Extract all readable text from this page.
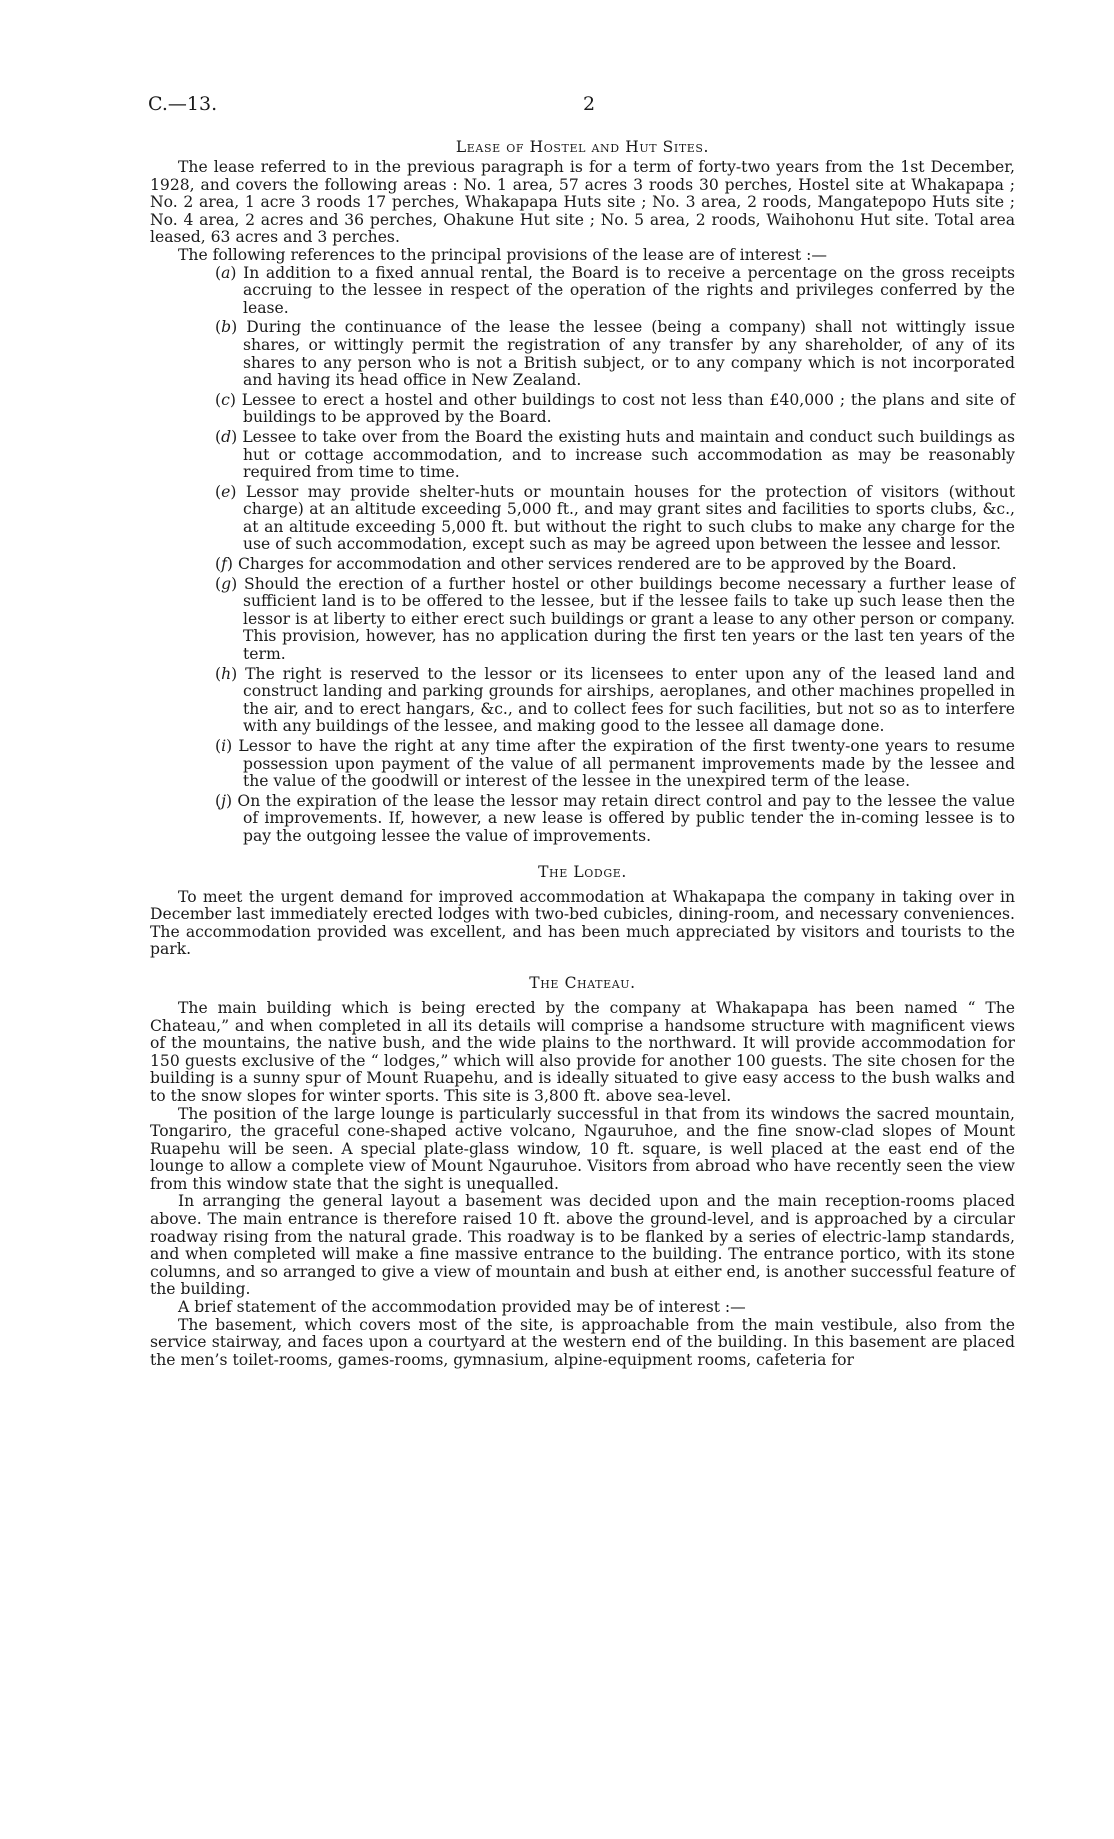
C.—13.	2
Lease of Hostel and Hut Sites.

The lease referred to in the previous paragraph is for a term of forty-two years from the 1st December, 1928, and covers the following areas : No. 1 area, 57 acres 3 roods 30 perches, Hostel site at Whakapapa ; No. 2 area, 1 acre 3 roods 17 perches, Whakapapa Huts site ; No. 3 area, 2 roods, Mangatepopo Huts site ; No. 4 area, 2 acres and 36 perches, Ohakune Hut site ; No. 5 area, 2 roods, Waihohonu Hut site. Total area leased, 63 acres and 3 perches.

The following references to the principal provisions of the lease are of interest :—

(a) In addition to a fixed annual rental, the Board is to receive a percentage on the gross receipts accruing to the lessee in respect of the operation of the rights and privileges conferred by the lease.
(b) During the continuance of the lease the lessee (being a company) shall not wittingly issue shares, or wittingly permit the registration of any transfer by any shareholder, of any of its shares to any person who is not a British subject, or to any company which is not incorporated and having its head office in New Zealand.
(c) Lessee to erect a hostel and other buildings to cost not less than £40,000 ; the plans and site of buildings to be approved by the Board.
(d) Lessee to take over from the Board the existing huts and maintain and conduct such buildings as hut or cottage accommodation, and to increase such accommodation as may be reasonably required from time to time.
(e) Lessor may provide shelter-huts or mountain houses for the protection of visitors (without charge) at an altitude exceeding 5,000 ft., and may grant sites and facilities to sports clubs, &c., at an altitude exceeding 5,000 ft. but without the right to such clubs to make any charge for the use of such accommodation, except such as may be agreed upon between the lessee and lessor.
(f) Charges for accommodation and other services rendered are to be approved by the Board.
(g) Should the erection of a further hostel or other buildings become necessary a further lease of sufficient land is to be offered to the lessee, but if the lessee fails to take up such lease then the lessor is at liberty to either erect such buildings or grant a lease to any other person or company. This provision, however, has no application during the first ten years or the last ten years of the term.
(h) The right is reserved to the lessor or its licensees to enter upon any of the leased land and construct landing and parking grounds for airships, aeroplanes, and other machines propelled in the air, and to erect hangars, &c., and to collect fees for such facilities, but not so as to interfere with any buildings of the lessee, and making good to the lessee all damage done.
(i) Lessor to have the right at any time after the expiration of the first twenty-one years to resume possession upon payment of the value of all permanent improvements made by the lessee and the value of the goodwill or interest of the lessee in the unexpired term of the lease.
(j) On the expiration of the lease the lessor may retain direct control and pay to the lessee the value of improvements. If, however, a new lease is offered by public tender the in-coming lessee is to pay the outgoing lessee the value of improvements.
The Lodge.

To meet the urgent demand for improved accommodation at Whakapapa the company in taking over in December last immediately erected lodges with two-bed cubicles, dining-room, and necessary conveniences. The accommodation provided was excellent, and has been much appreciated by visitors and tourists to the park.

The Chateau.

The main building which is being erected by the company at Whakapapa has been named “ The Chateau,” and when completed in all its details will comprise a handsome structure with magnificent views of the mountains, the native bush, and the wide plains to the northward. It will provide accommodation for 150 guests exclusive of the “ lodges,” which will also provide for another 100 guests. The site chosen for the building is a sunny spur of Mount Ruapehu, and is ideally situated to give easy access to the bush walks and to the snow slopes for winter sports. This site is 3,800 ft. above sea-level.

The position of the large lounge is particularly successful in that from its windows the sacred mountain, Tongariro, the graceful cone-shaped active volcano, Ngauruhoe, and the fine snow-clad slopes of Mount Ruapehu will be seen. A special plate-glass window, 10 ft. square, is well placed at the east end of the lounge to allow a complete view of Mount Ngauruhoe. Visitors from abroad who have recently seen the view from this window state that the sight is unequalled.

In arranging the general layout a basement was decided upon and the main reception-rooms placed above. The main entrance is therefore raised 10 ft. above the ground-level, and is approached by a circular roadway rising from the natural grade. This roadway is to be flanked by a series of electric-lamp standards, and when completed will make a fine massive entrance to the building. The entrance portico, with its stone columns, and so arranged to give a view of mountain and bush at either end, is another successful feature of the building.

A brief statement of the accommodation provided may be of interest :—

The basement, which covers most of the site, is approachable from the main vestibule, also from the service stairway, and faces upon a courtyard at the western end of the building. In this basement are placed the men’s toilet-rooms, games-rooms, gymnasium, alpine-equipment rooms, cafeteria for
